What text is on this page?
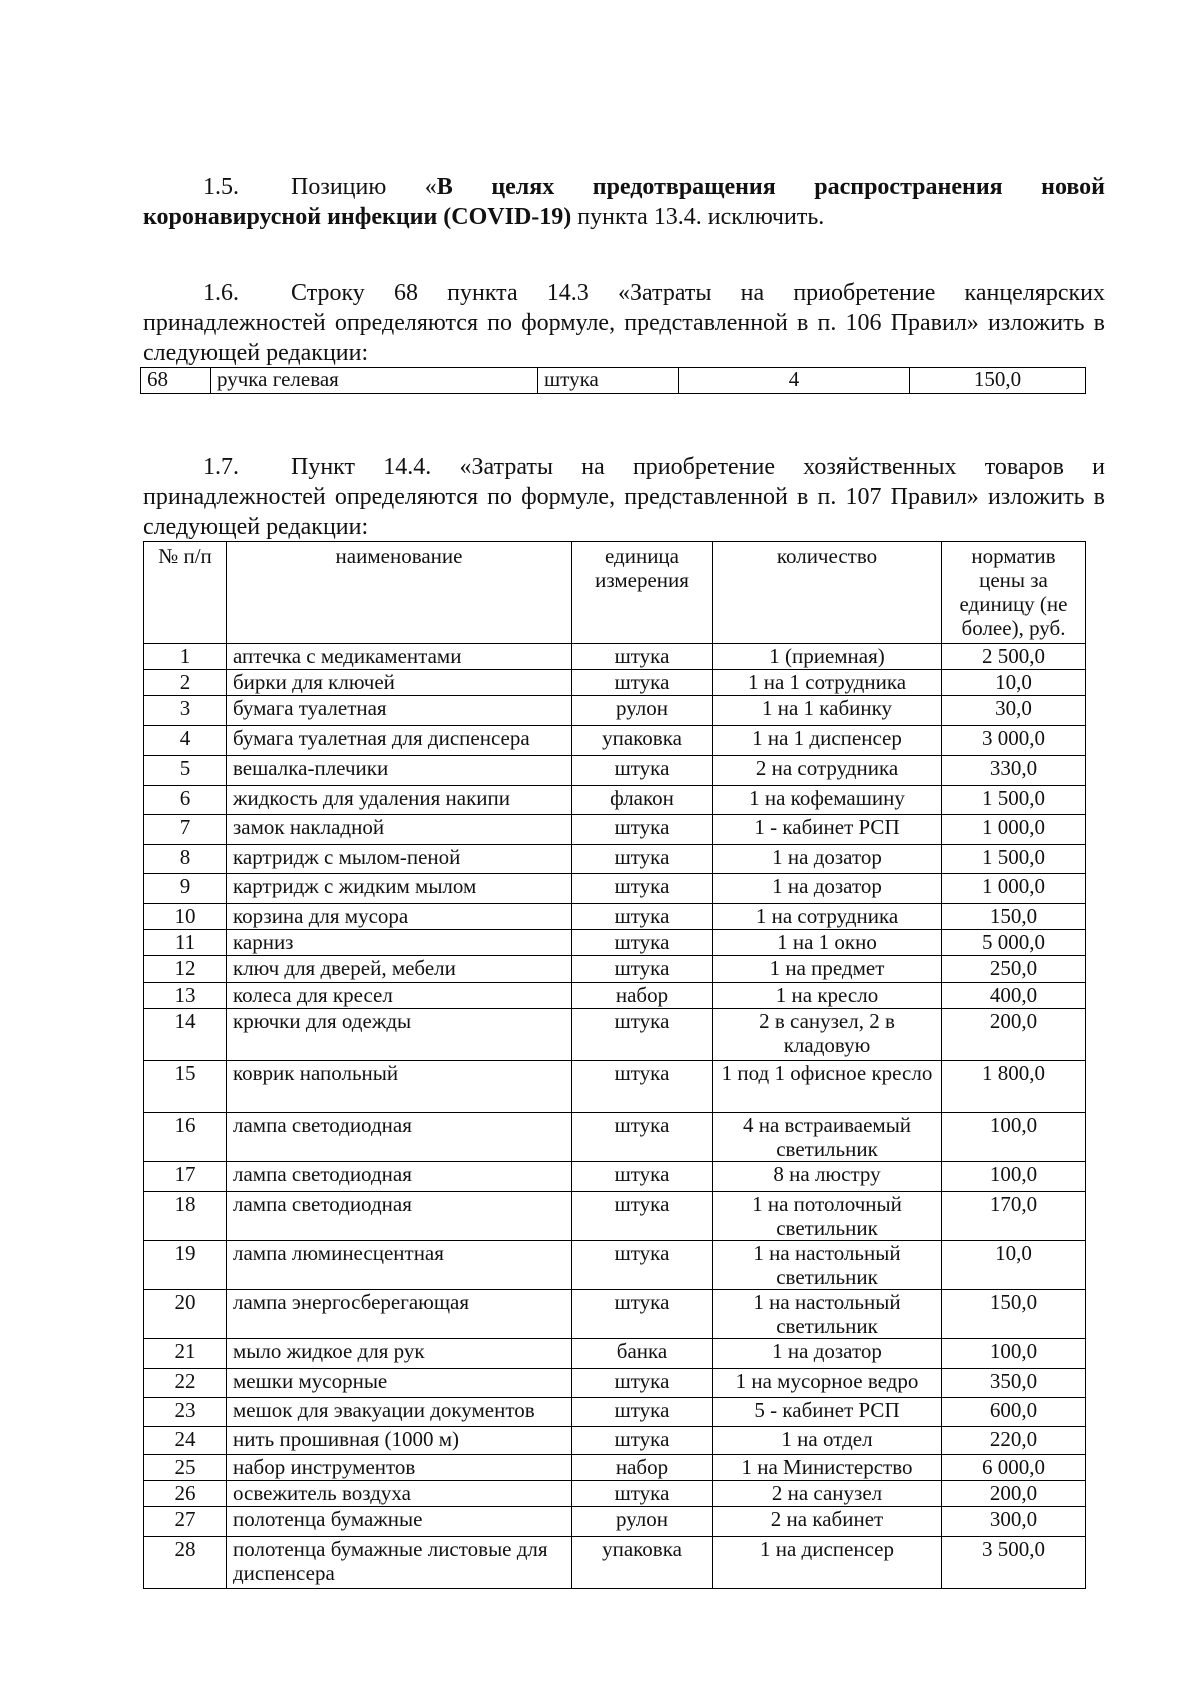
1.5. Позицию «В целях предотвращения распространения новой коронавирусной инфекции (COVID-19) пункта 13.4. исключить.
1.6. Строку 68 пункта 14.3 «Затраты на приобретение канцелярских принадлежностей определяются по формуле, представленной в п. 106 Правил» изложить в следующей редакции:
68	ручка гелевая	штука	4	150,0
1.7. Пункт 14.4. «Затраты на приобретение хозяйственных товаров и принадлежностей определяются по формуле, представленной в п. 107 Правил» изложить в следующей редакции:
№ п/п	наименование	единица измерения	количество	норматив цены за единицу (не более), руб.
1	аптечка с медикаментами	штука	1 (приемная)	2 500,0
2	бирки для ключей	штука	1 на 1 сотрудника	10,0
3	бумага туалетная	рулон	1 на 1 кабинку	30,0
4	бумага туалетная для диспенсера	упаковка	1 на 1 диспенсер	3 000,0
5	вешалка-плечики	штука	2 на сотрудника	330,0
6	жидкость для удаления накипи	флакон	1 на кофемашину	1 500,0
7	замок накладной	штука	1 - кабинет РСП	1 000,0
8	картридж с мылом-пеной	штука	1 на дозатор	1 500,0
9	картридж с жидким мылом	штука	1 на дозатор	1 000,0
10	корзина для мусора	штука	1 на сотрудника	150,0
11	карниз	штука	1 на 1 окно	5 000,0
12	ключ для дверей, мебели	штука	1 на предмет	250,0
13	колеса для кресел	набор	1 на кресло	400,0
14	крючки для одежды	штука	2 в санузел, 2 в кладовую	200,0
15	коврик напольный	штука	1 под 1 офисное кресло	1 800,0
16	лампа светодиодная	штука	4 на встраиваемый светильник	100,0
17	лампа светодиодная	штука	8 на люстру	100,0
18	лампа светодиодная	штука	1 на потолочный светильник	170,0
19	лампа люминесцентная	штука	1 на настольный светильник	10,0
20	лампа энергосберегающая	штука	1 на настольный светильник	150,0
21	мыло жидкое для рук	банка	1 на дозатор	100,0
22	мешки мусорные	штука	1 на мусорное ведро	350,0
23	мешок для эвакуации документов	штука	5 - кабинет РСП	600,0
24	нить прошивная (1000 м)	штука	1 на отдел	220,0
25	набор инструментов	набор	1 на Министерство	6 000,0
26	освежитель воздуха	штука	2 на санузел	200,0
27	полотенца бумажные	рулон	2 на кабинет	300,0
28	полотенца бумажные листовые для диспенсера	упаковка	1 на диспенсер	3 500,0
